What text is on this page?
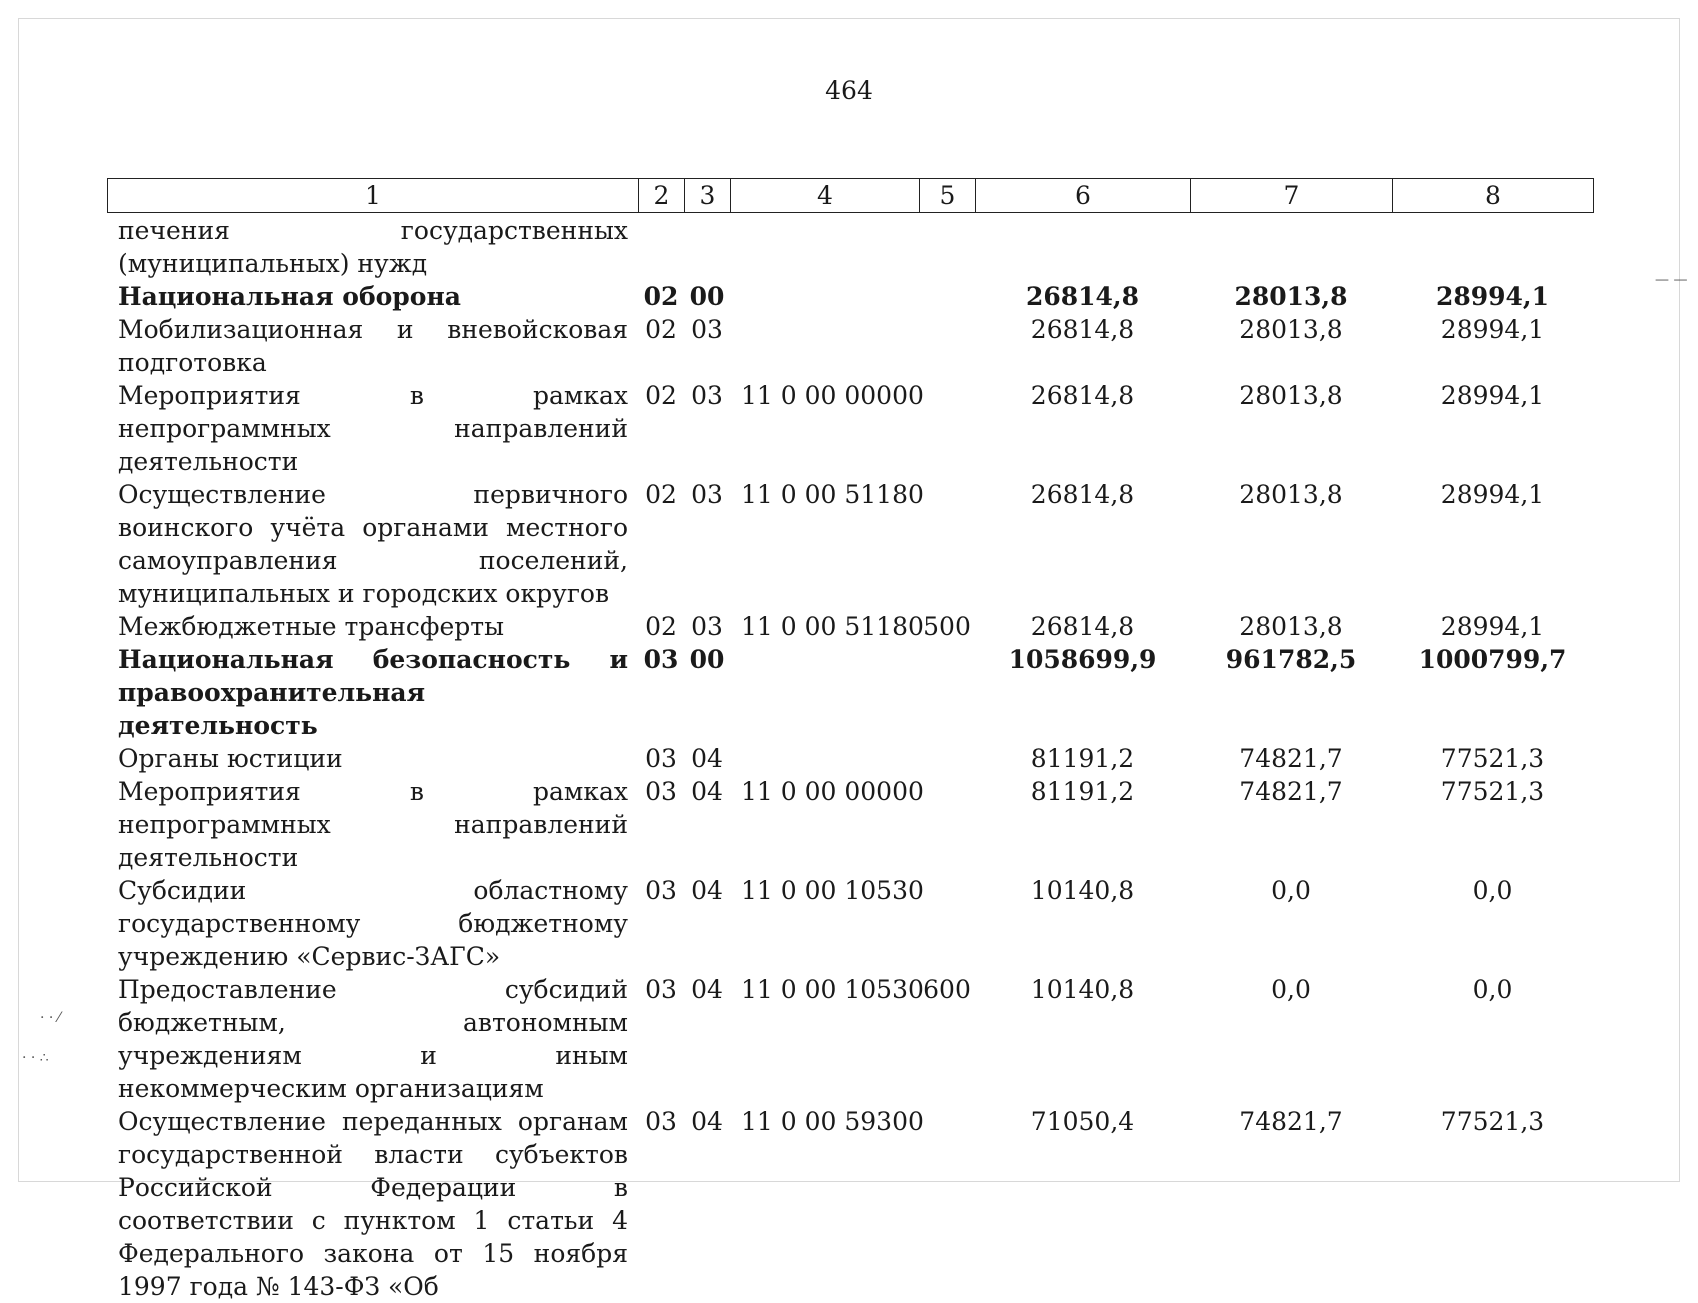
464
1	2	3	4	5	6	7	8
печения государственных (муниципальных) нужд							
Национальная оборона	02	00			26814,8	28013,8	28994,1
Мобилизационная и вневойсковая подготовка	02	03			26814,8	28013,8	28994,1
Мероприятия в рамках непрограммных направлений деятельности	02	03	11 0 00 00000		26814,8	28013,8	28994,1
Осуществление первичного воинского учёта органами местного самоуправления поселений, муниципальных и городских округов	02	03	11 0 00 51180		26814,8	28013,8	28994,1
Межбюджетные трансферты	02	03	11 0 00 51180	500	26814,8	28013,8	28994,1
Национальная безопасность и правоохранительная деятельность	03	00			1058699,9	961782,5	1000799,7
Органы юстиции	03	04			81191,2	74821,7	77521,3
Мероприятия в рамках непрограммных направлений деятельности	03	04	11 0 00 00000		81191,2	74821,7	77521,3
Субсидии областному государственному бюджетному учреждению «Сервис-ЗАГС»	03	04	11 0 00 10530		10140,8	0,0	0,0
Предоставление субсидий бюджетным, автономным учреждениям и иным некоммерческим организациям	03	04	11 0 00 10530	600	10140,8	0,0	0,0
Осуществление переданных органам государственной власти субъектов Российской Федерации в соответствии с пунктом 1 статьи 4 Федерального закона от 15 ноября 1997 года № 143-ФЗ «Об	03	04	11 0 00 59300		71050,4	74821,7	77521,3
· · ⁄
· · ∴
— —
